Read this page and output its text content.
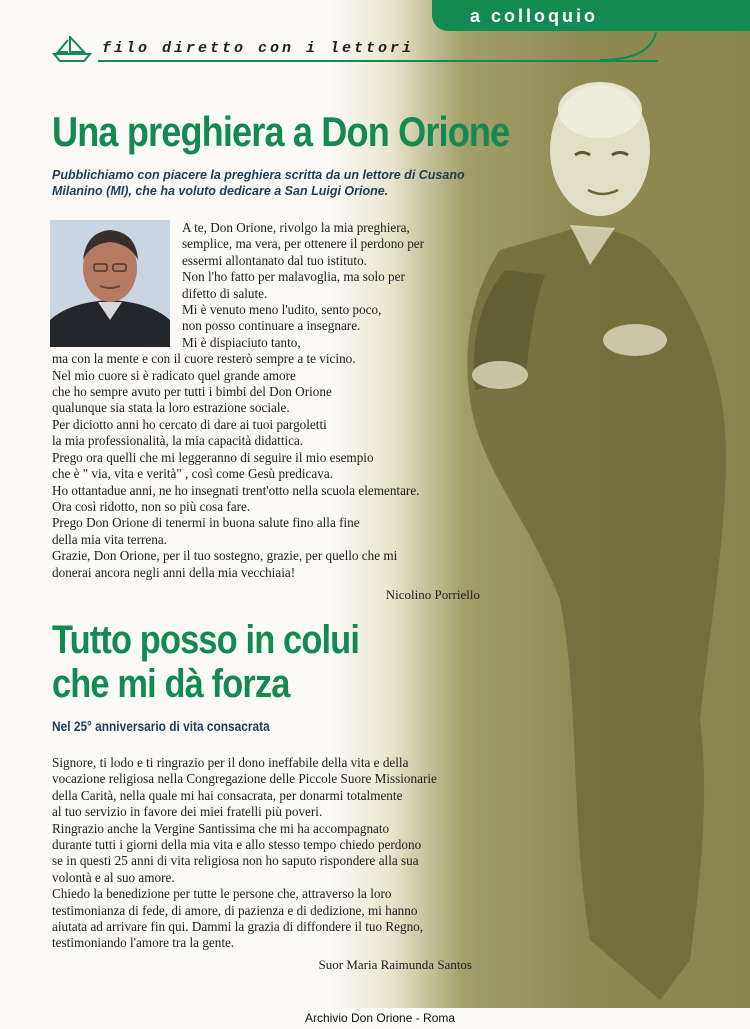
a colloquio
filo diretto con i lettori
Una preghiera a Don Orione

Pubblichiamo con piacere la preghiera scritta da un lettore di Cusano Milanino (MI), che ha voluto dedicare a San Luigi Orione.

A te, Don Orione, rivolgo la mia preghiera,
semplice, ma vera, per ottenere il perdono per
essermi allontanato dal tuo istituto.
Non l'ho fatto per malavoglia, ma solo per
difetto di salute.
Mi è venuto meno l'udito, sento poco,
non posso continuare a insegnare.
Mi è dispiaciuto tanto,
ma con la mente e con il cuore resterò sempre a te vicino.
Nel mio cuore si è radicato quel grande amore
che ho sempre avuto per tutti i bimbi del Don Orione
qualunque sia stata la loro estrazione sociale.
Per diciotto anni ho cercato di dare ai tuoi pargoletti
la mia professionalità, la mia capacità didattica.
Prego ora quelli che mi leggeranno di seguire il mio esempio
che è " via, vita e verità" , così come Gesù predicava.
Ho ottantadue anni, ne ho insegnati trent'otto nella scuola elementare.
Ora così ridotto, non so più cosa fare.
Prego Don Orione di tenermi in buona salute fino alla fine
della mia vita terrena.
Grazie, Don Orione, per il tuo sostegno, grazie, per quello che mi
donerai ancora negli anni della mia vecchiaia!
Nicolino Porriello
Tutto posso in colui
che mi dà forza
Nel 25° anniversario di vita consacrata
Signore, ti lodo e ti ringrazio per il dono ineffabile della vita e della
vocazione religiosa nella Congregazione delle Piccole Suore Missionarie
della Carità, nella quale mi hai consacrata, per donarmi totalmente
al tuo servizio in favore dei miei fratelli più poveri.
Ringrazio anche la Vergine Santissima che mi ha accompagnato
durante tutti i giorni della mia vita e allo stesso tempo chiedo perdono
se in questi 25 anni di vita religiosa non ho saputo rispondere alla sua
volontà e al suo amore.
Chiedo la benedizione per tutte le persone che, attraverso la loro
testimonianza di fede, di amore, di pazienza e di dedizione, mi hanno
aiutata ad arrivare fin qui. Dammi la grazia di diffondere il tuo Regno,
testimoniando l'amore tra la gente.
Suor Maria Raimunda Santos
Archivio Don Orione - Roma
